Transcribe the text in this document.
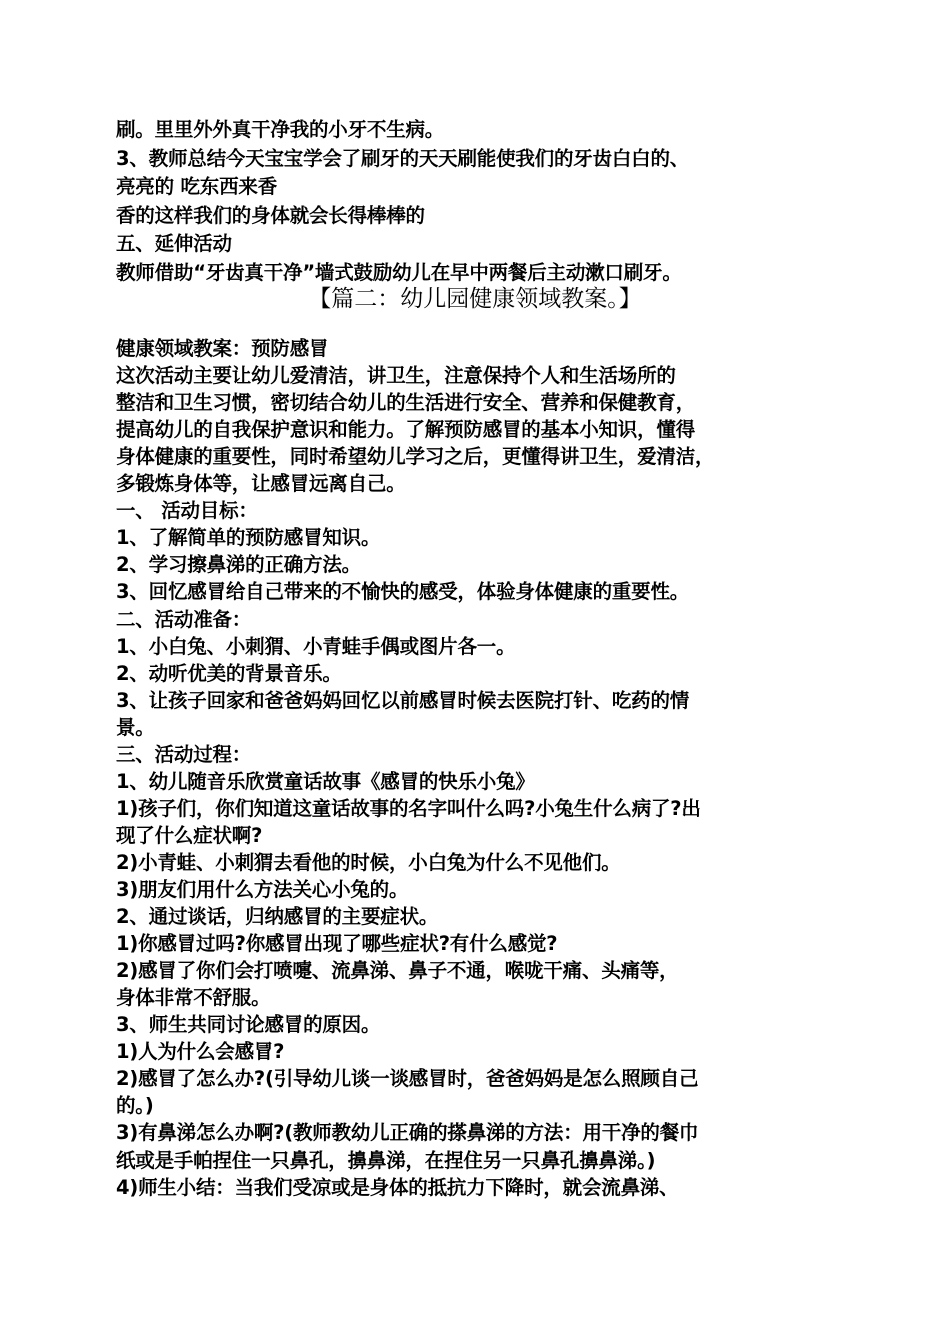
刷。里里外外真干净我的小牙不生病。
3、教师总结今天宝宝学会了刷牙的天天刷能使我们的牙齿白白的、
亮亮的 吃东西来香
香的这样我们的身体就会长得棒棒的
五、延伸活动
教师借助“牙齿真干净”墙式鼓励幼儿在早中两餐后主动漱口刷牙。
【篇二：幼儿园健康领域教案。】
健康领域教案：预防感冒
这次活动主要让幼儿爱清洁，讲卫生，注意保持个人和生活场所的
整洁和卫生习惯，密切结合幼儿的生活进行安全、营养和保健教育，
提高幼儿的自我保护意识和能力。了解预防感冒的基本小知识，懂得
身体健康的重要性，同时希望幼儿学习之后，更懂得讲卫生，爱清洁，
多锻炼身体等，让感冒远离自己。
一、 活动目标：
1、了解简单的预防感冒知识。
2、学习擦鼻涕的正确方法。
3、回忆感冒给自己带来的不愉快的感受，体验身体健康的重要性。
二、活动准备：
1、小白兔、小刺猬、小青蛙手偶或图片各一。
2、动听优美的背景音乐。
3、让孩子回家和爸爸妈妈回忆以前感冒时候去医院打针、吃药的情
景。
三、活动过程：
1、幼儿随音乐欣赏童话故事《感冒的快乐小兔》
1)孩子们，你们知道这童话故事的名字叫什么吗?小兔生什么病了?出
现了什么症状啊?
2)小青蛙、小刺猬去看他的时候，小白兔为什么不见他们。
3)朋友们用什么方法关心小兔的。
2、通过谈话，归纳感冒的主要症状。
1)你感冒过吗?你感冒出现了哪些症状?有什么感觉?
2)感冒了你们会打喷嚏、流鼻涕、鼻子不通，喉咙干痛、头痛等，
身体非常不舒服。
3、师生共同讨论感冒的原因。
1)人为什么会感冒?
2)感冒了怎么办?(引导幼儿谈一谈感冒时，爸爸妈妈是怎么照顾自己
的。)
3)有鼻涕怎么办啊?(教师教幼儿正确的搽鼻涕的方法：用干净的餐巾
纸或是手帕捏住一只鼻孔，擤鼻涕，在捏住另一只鼻孔擤鼻涕。)
4)师生小结：当我们受凉或是身体的抵抗力下降时，就会流鼻涕、
